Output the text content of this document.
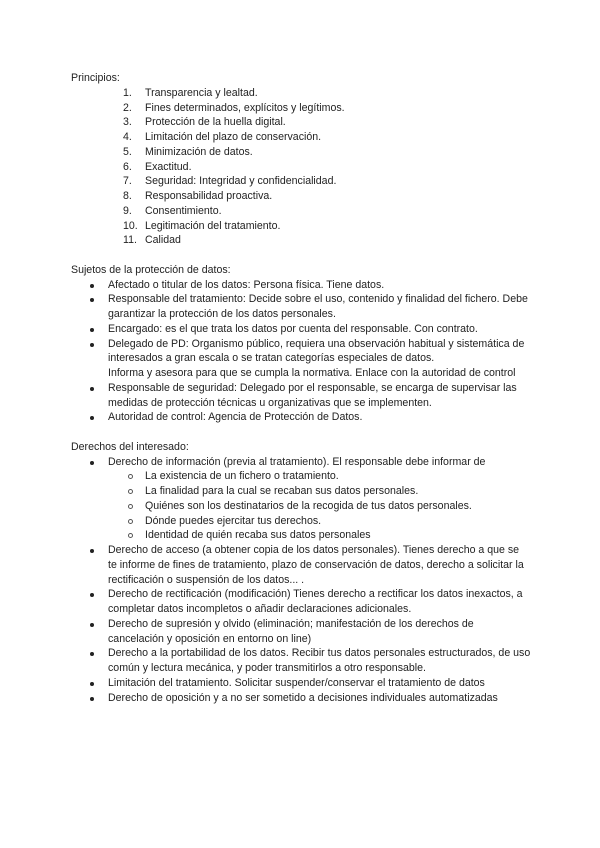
Principios:
1. Transparencia y lealtad.
2. Fines determinados, explícitos y legítimos.
3. Protección de la huella digital.
4. Limitación del plazo de conservación.
5. Minimización de datos.
6. Exactitud.
7. Seguridad: Integridad y confidencialidad.
8. Responsabilidad proactiva.
9. Consentimiento.
10. Legitimación del tratamiento.
11. Calidad
Sujetos de la protección de datos:
Afectado o titular de los datos: Persona física. Tiene datos.
Responsable del tratamiento: Decide sobre el uso, contenido y finalidad del fichero. Debe
garantizar la protección de los datos personales.
Encargado: es el que trata los datos por cuenta del responsable. Con contrato.
Delegado de PD: Organismo público, requiera una observación habitual y sistemática de
interesados a gran escala o se tratan categorías especiales de datos.
Informa y asesora para que se cumpla la normativa. Enlace con la autoridad de control
Responsable de seguridad: Delegado por el responsable, se encarga de supervisar las
medidas de protección técnicas u organizativas que se implementen.
Autoridad de control: Agencia de Protección de Datos.
Derechos del interesado:
Derecho de información (previa al tratamiento). El responsable debe informar de
La existencia de un fichero o tratamiento.
La finalidad para la cual se recaban sus datos personales.
Quiénes son los destinatarios de la recogida de tus datos personales.
Dónde puedes ejercitar tus derechos.
Identidad de quién recaba sus datos personales
Derecho de acceso (a obtener copia de los datos personales). Tienes derecho a que se
te informe de fines de tratamiento, plazo de conservación de datos, derecho a solicitar la
rectificación o suspensión de los datos... .
Derecho de rectificación (modificación) Tienes derecho a rectificar los datos inexactos, a
completar datos incompletos o añadir declaraciones adicionales.
Derecho de supresión y olvido (eliminación; manifestación de los derechos de
cancelación y oposición en entorno on line)
Derecho a la portabilidad de los datos. Recibir tus datos personales estructurados, de uso
común y lectura mecánica, y poder transmitirlos a otro responsable.
Limitación del tratamiento. Solicitar suspender/conservar el tratamiento de datos
Derecho de oposición y a no ser sometido a decisiones individuales automatizadas
